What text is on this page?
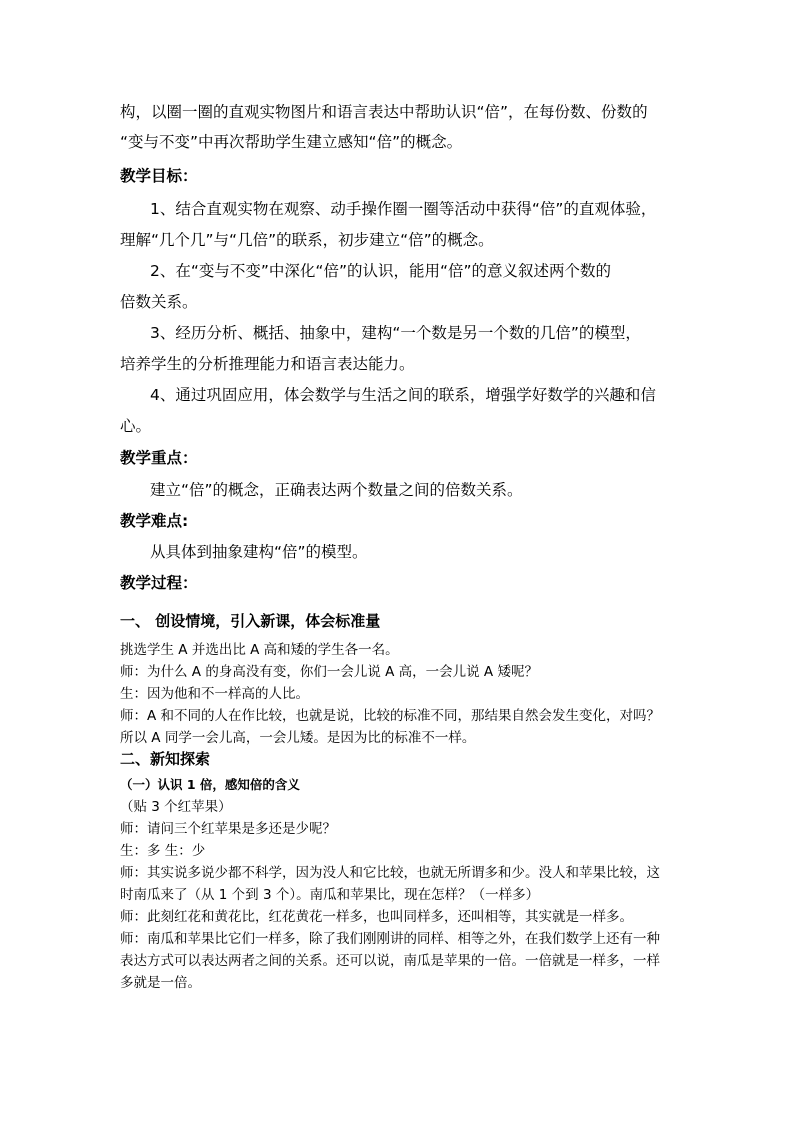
构，以圈一圈的直观实物图片和语言表达中帮助认识“倍”，在每份数、份数的

“变与不变”中再次帮助学生建立感知“倍”的概念。

教学目标：

1、结合直观实物在观察、动手操作圈一圈等活动中获得“倍”的直观体验，

理解“几个几”与“几倍”的联系，初步建立“倍”的概念。

2、在“变与不变”中深化“倍”的认识，能用“倍”的意义叙述两个数的

倍数关系。

3、经历分析、概括、抽象中，建构“一个数是另一个数的几倍”的模型，

培养学生的分析推理能力和语言表达能力。

4、通过巩固应用，体会数学与生活之间的联系，增强学好数学的兴趣和信

心。

教学重点：

建立“倍”的概念，正确表达两个数量之间的倍数关系。

教学难点:

从具体到抽象建构“倍”的模型。

教学过程：

一、 创设情境，引入新课，体会标准量

挑选学生 A 并选出比 A 高和矮的学生各一名。

师：为什么 A 的身高没有变，你们一会儿说 A 高，一会儿说 A 矮呢？

生：因为他和不一样高的人比。

师：A 和不同的人在作比较，也就是说，比较的标准不同，那结果自然会发生变化，对吗？

所以 A 同学一会儿高，一会儿矮。是因为比的标准不一样。

二、新知探索

（一）认识 1 倍，感知倍的含义

（贴 3 个红苹果）

师：请问三个红苹果是多还是少呢？

生：多 生：少

师：其实说多说少都不科学，因为没人和它比较，也就无所谓多和少。没人和苹果比较，这

时南瓜来了（从 1 个到 3 个）。南瓜和苹果比，现在怎样？（一样多）

师：此刻红花和黄花比，红花黄花一样多，也叫同样多，还叫相等，其实就是一样多。

师：南瓜和苹果比它们一样多，除了我们刚刚讲的同样、相等之外，在我们数学上还有一种

表达方式可以表达两者之间的关系。还可以说，南瓜是苹果的一倍。一倍就是一样多，一样

多就是一倍。
